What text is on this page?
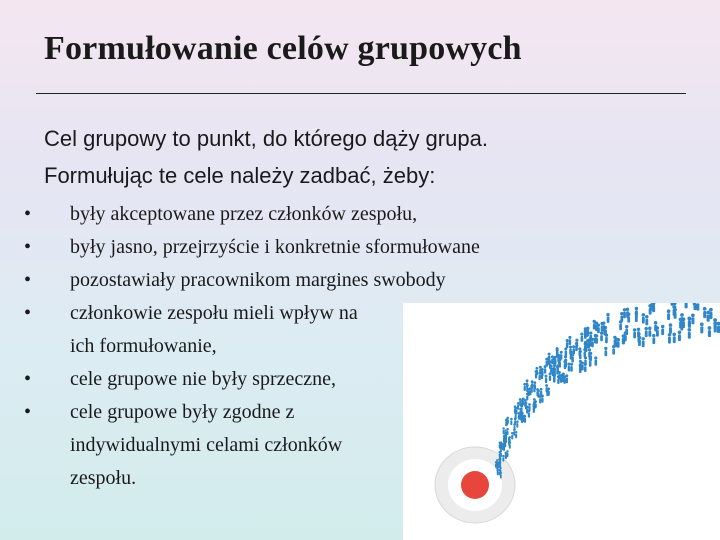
Formułowanie celów grupowych
Cel grupowy to punkt, do którego dąży grupa.
Formułując te cele należy zadbać, żeby:
• były akceptowane przez członków zespołu,
• były jasno, przejrzyście i konkretnie sformułowane
• pozostawiały pracownikom margines swobody
• członkowie zespołu mieli wpływ na ich formułowanie,
• cele grupowe nie były sprzeczne,
• cele grupowe były zgodne z indywidualnymi celami członków zespołu.
